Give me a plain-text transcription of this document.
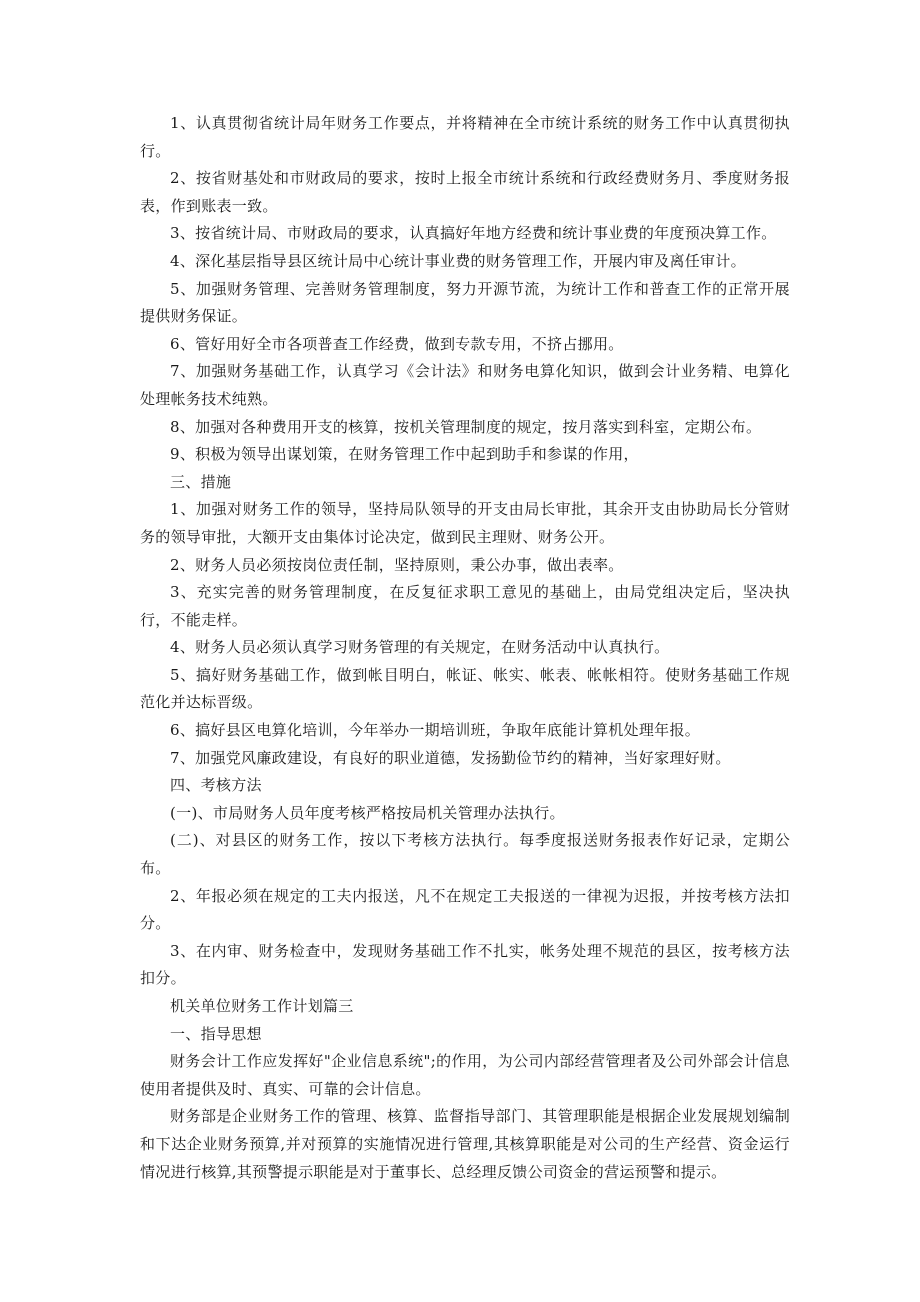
1、认真贯彻省统计局年财务工作要点，并将精神在全市统计系统的财务工作中认真贯彻执行。

2、按省财基处和市财政局的要求，按时上报全市统计系统和行政经费财务月、季度财务报表，作到账表一致。

3、按省统计局、市财政局的要求，认真搞好年地方经费和统计事业费的年度预决算工作。

4、深化基层指导县区统计局中心统计事业费的财务管理工作，开展内审及离任审计。

5、加强财务管理、完善财务管理制度，努力开源节流，为统计工作和普查工作的正常开展提供财务保证。

6、管好用好全市各项普查工作经费，做到专款专用，不挤占挪用。

7、加强财务基础工作，认真学习《会计法》和财务电算化知识，做到会计业务精、电算化处理帐务技术纯熟。

8、加强对各种费用开支的核算，按机关管理制度的规定，按月落实到科室，定期公布。

9、积极为领导出谋划策，在财务管理工作中起到助手和参谋的作用，

三、措施

1、加强对财务工作的领导，坚持局队领导的开支由局长审批，其余开支由协助局长分管财务的领导审批，大额开支由集体讨论决定，做到民主理财、财务公开。

2、财务人员必须按岗位责任制，坚持原则，秉公办事，做出表率。

3、充实完善的财务管理制度，在反复征求职工意见的基础上，由局党组决定后，坚决执行，不能走样。

4、财务人员必须认真学习财务管理的有关规定，在财务活动中认真执行。

5、搞好财务基础工作，做到帐目明白，帐证、帐实、帐表、帐帐相符。使财务基础工作规范化并达标晋级。

6、搞好县区电算化培训，今年举办一期培训班，争取年底能计算机处理年报。

7、加强党风廉政建设，有良好的职业道德，发扬勤俭节约的精神，当好家理好财。

四、考核方法

(一)、市局财务人员年度考核严格按局机关管理办法执行。

(二)、对县区的财务工作，按以下考核方法执行。每季度报送财务报表作好记录，定期公布。

2、年报必须在规定的工夫内报送，凡不在规定工夫报送的一律视为迟报，并按考核方法扣分。

3、在内审、财务检查中，发现财务基础工作不扎实，帐务处理不规范的县区，按考核方法扣分。

机关单位财务工作计划篇三

一、指导思想

财务会计工作应发挥好"企业信息系统";的作用，为公司内部经营管理者及公司外部会计信息使用者提供及时、真实、可靠的会计信息。

财务部是企业财务工作的管理、核算、监督指导部门、其管理职能是根据企业发展规划编制和下达企业财务预算,并对预算的实施情况进行管理,其核算职能是对公司的生产经营、资金运行情况进行核算,其预警提示职能是对于董事长、总经理反馈公司资金的营运预警和提示。
